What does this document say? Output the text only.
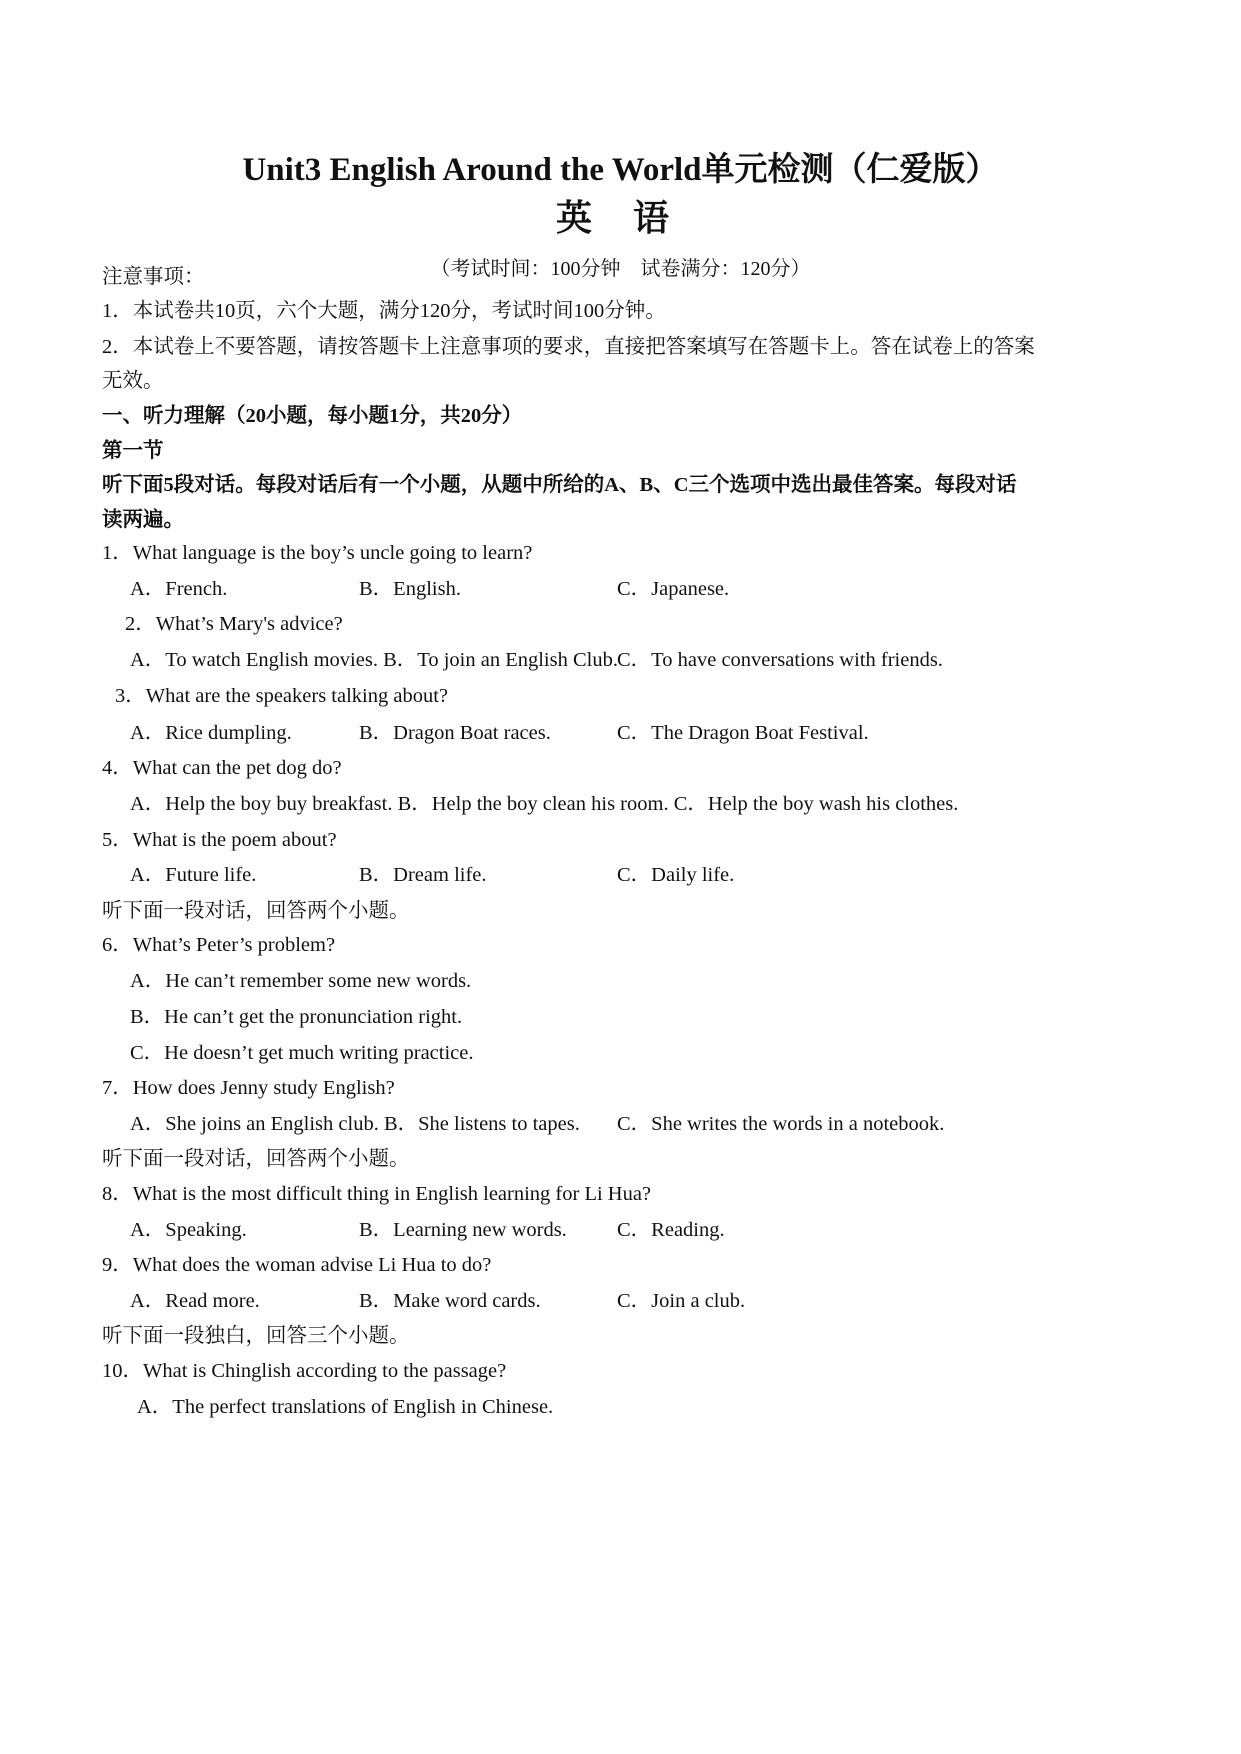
Unit3 English Around the World单元检测（仁爱版）
英 语
（考试时间：100分钟　试卷满分：120分）
注意事项：
1．本试卷共10页，六个大题，满分120分，考试时间100分钟。
2．本试卷上不要答题，请按答题卡上注意事项的要求，直接把答案填写在答题卡上。答在试卷上的答案
无效。
一、听力理解（20小题，每小题1分，共20分）
第一节
听下面5段对话。每段对话后有一个小题，从题中所给的A、B、C三个选项中选出最佳答案。每段对话
读两遍。
1．What language is the boy’s uncle going to learn?
A．French.	B．English.	C．Japanese.
2．What’s Mary's advice?
A．To watch English movies. B．To join an English Club. C．To have conversations with friends.
3．What are the speakers talking about?
A．Rice dumpling.	B．Dragon Boat races.	C．The Dragon Boat Festival.
4．What can the pet dog do?
A．Help the boy buy breakfast. B．Help the boy clean his room. C．Help the boy wash his clothes.
5．What is the poem about?
A．Future life.	B．Dream life.	C．Daily life.
听下面一段对话，回答两个小题。
6．What’s Peter’s problem?
A．He can’t remember some new words.
B．He can’t get the pronunciation right.
C．He doesn’t get much writing practice.
7．How does Jenny study English?
A．She joins an English club. B．She listens to tapes. C．She writes the words in a notebook.
听下面一段对话，回答两个小题。
8．What is the most difficult thing in English learning for Li Hua?
A．Speaking.	B．Learning new words. C．Reading.
9．What does the woman advise Li Hua to do?
A．Read more.	B．Make word cards.	C．Join a club.
听下面一段独白，回答三个小题。
10．What is Chinglish according to the passage?
A．The perfect translations of English in Chinese.
